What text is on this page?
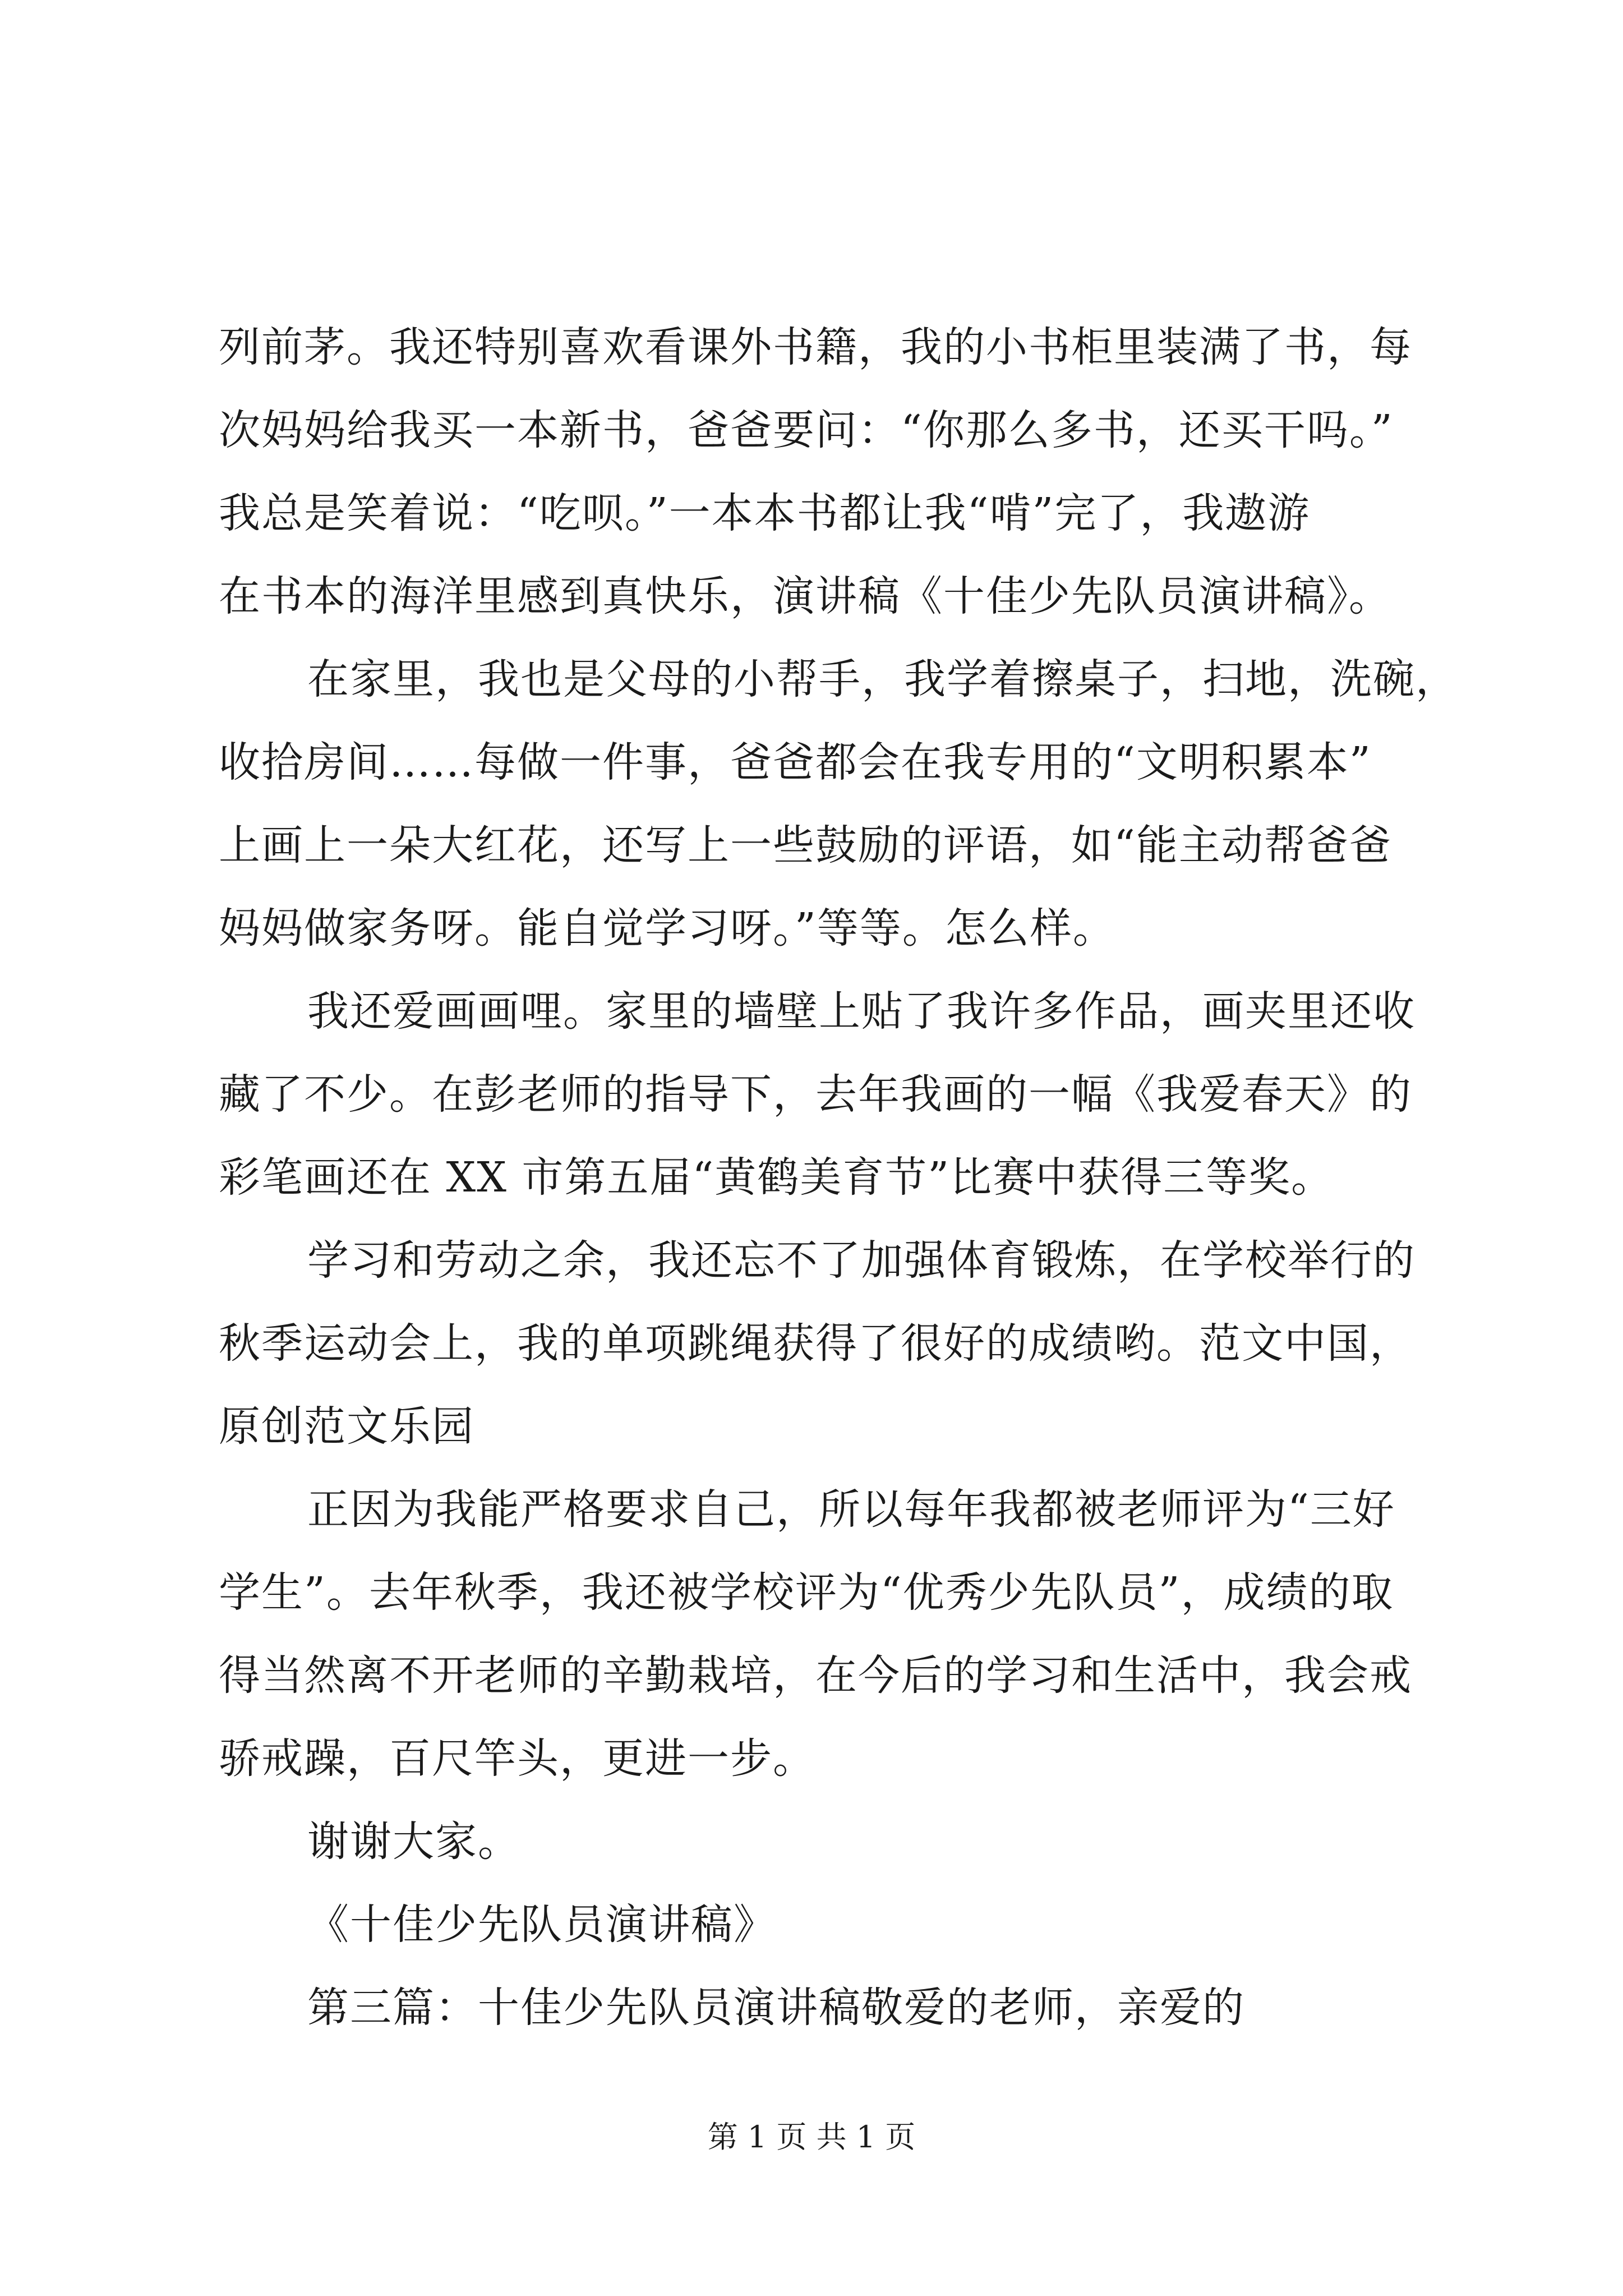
列前茅。我还特别喜欢看课外书籍，我的小书柜里装满了书，每
次妈妈给我买一本新书，爸爸要问：“你那么多书，还买干吗。”
我总是笑着说：“吃呗。”一本本书都让我“啃”完了，我遨游
在书本的海洋里感到真快乐，演讲稿《十佳少先队员演讲稿》。
在家里，我也是父母的小帮手，我学着擦桌子，扫地，洗碗，
收拾房间……每做一件事，爸爸都会在我专用的“文明积累本”
上画上一朵大红花，还写上一些鼓励的评语，如“能主动帮爸爸
妈妈做家务呀。能自觉学习呀。”等等。怎么样。
我还爱画画哩。家里的墙壁上贴了我许多作品，画夹里还收
藏了不少。在彭老师的指导下，去年我画的一幅《我爱春天》的
彩笔画还在 XX 市第五届“黄鹤美育节”比赛中获得三等奖。
学习和劳动之余，我还忘不了加强体育锻炼，在学校举行的
秋季运动会上，我的单项跳绳获得了很好的成绩哟。范文中国，
原创范文乐园
正因为我能严格要求自己，所以每年我都被老师评为“三好
学生”。去年秋季，我还被学校评为“优秀少先队员”，成绩的取
得当然离不开老师的辛勤栽培，在今后的学习和生活中，我会戒
骄戒躁，百尺竿头，更进一步。
谢谢大家。
《十佳少先队员演讲稿》
第三篇：十佳少先队员演讲稿敬爱的老师，亲爱的
第 1 页 共 1 页
